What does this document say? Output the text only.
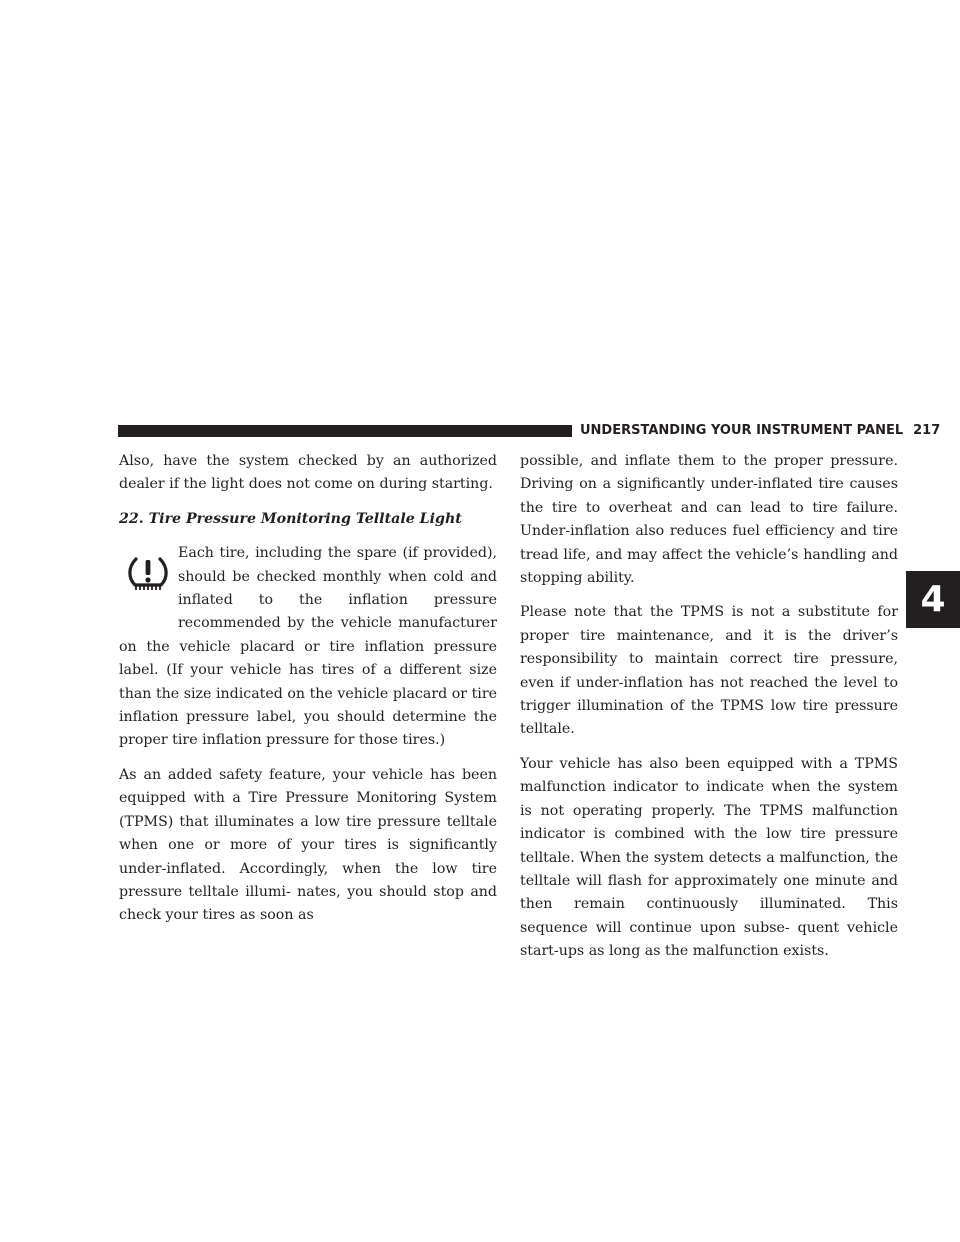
UNDERSTANDING YOUR INSTRUMENT PANEL 217
4

Also, have the system checked by an authorized dealer if the light does not come on during starting.

22. Tire Pressure Monitoring Telltale Light

Each tire, including the spare (if provided), should be checked monthly when cold and inflated to the inflation pressure recommended by the vehicle manufacturer on the vehicle placard or tire inflation pressure label. (If your vehicle has tires of a different size than the size indicated on the vehicle placard or tire inflation pressure label, you should determine the proper tire inflation pressure for those tires.)

As an added safety feature, your vehicle has been equipped with a Tire Pressure Monitoring System (TPMS) that illuminates a low tire pressure telltale when one or more of your tires is significantly under-inflated. Accordingly, when the low tire pressure telltale illumi- nates, you should stop and check your tires as soon as

possible, and inflate them to the proper pressure. Driving on a significantly under-inflated tire causes the tire to overheat and can lead to tire failure. Under-inflation also reduces fuel efficiency and tire tread life, and may affect the vehicle’s handling and stopping ability.

Please note that the TPMS is not a substitute for proper tire maintenance, and it is the driver’s responsibility to maintain correct tire pressure, even if under-inflation has not reached the level to trigger illumination of the TPMS low tire pressure telltale.

Your vehicle has also been equipped with a TPMS malfunction indicator to indicate when the system is not operating properly. The TPMS malfunction indicator is combined with the low tire pressure telltale. When the system detects a malfunction, the telltale will flash for approximately one minute and then remain continuously illuminated. This sequence will continue upon subse- quent vehicle start-ups as long as the malfunction exists.
